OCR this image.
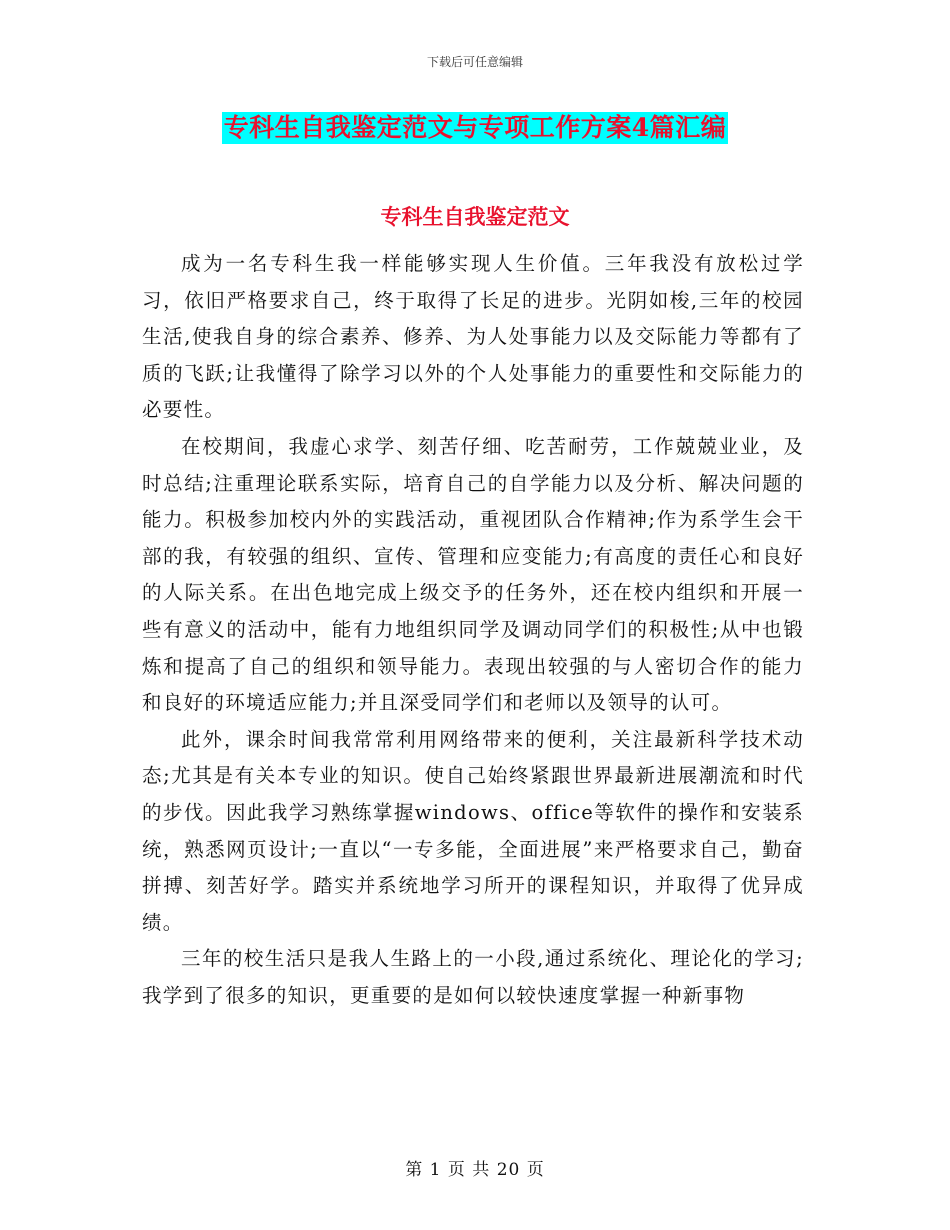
下载后可任意编辑
专科生自我鉴定范文与专项工作方案4篇汇编
专科生自我鉴定范文

成为一名专科生我一样能够实现人生价值。三年我没有放松过学习，依旧严格要求自己，终于取得了长足的进步。光阴如梭,三年的校园生活,使我自身的综合素养、修养、为人处事能力以及交际能力等都有了质的飞跃;让我懂得了除学习以外的个人处事能力的重要性和交际能力的必要性。

在校期间，我虚心求学、刻苦仔细、吃苦耐劳，工作兢兢业业，及时总结;注重理论联系实际，培育自己的自学能力以及分析、解决问题的能力。积极参加校内外的实践活动，重视团队合作精神;作为系学生会干部的我，有较强的组织、宣传、管理和应变能力;有高度的责任心和良好的人际关系。在出色地完成上级交予的任务外，还在校内组织和开展一些有意义的活动中，能有力地组织同学及调动同学们的积极性;从中也锻炼和提高了自己的组织和领导能力。表现出较强的与人密切合作的能力和良好的环境适应能力;并且深受同学们和老师以及领导的认可。

此外，课余时间我常常利用网络带来的便利，关注最新科学技术动态;尤其是有关本专业的知识。使自己始终紧跟世界最新进展潮流和时代的步伐。因此我学习熟练掌握windows、office等软件的操作和安装系统，熟悉网页设计;一直以“一专多能，全面进展”来严格要求自己，勤奋拼搏、刻苦好学。踏实并系统地学习所开的课程知识，并取得了优异成绩。

三年的校生活只是我人生路上的一小段,通过系统化、理论化的学习;我学到了很多的知识，更重要的是如何以较快速度掌握一种新事物

第 1 页 共 20 页
